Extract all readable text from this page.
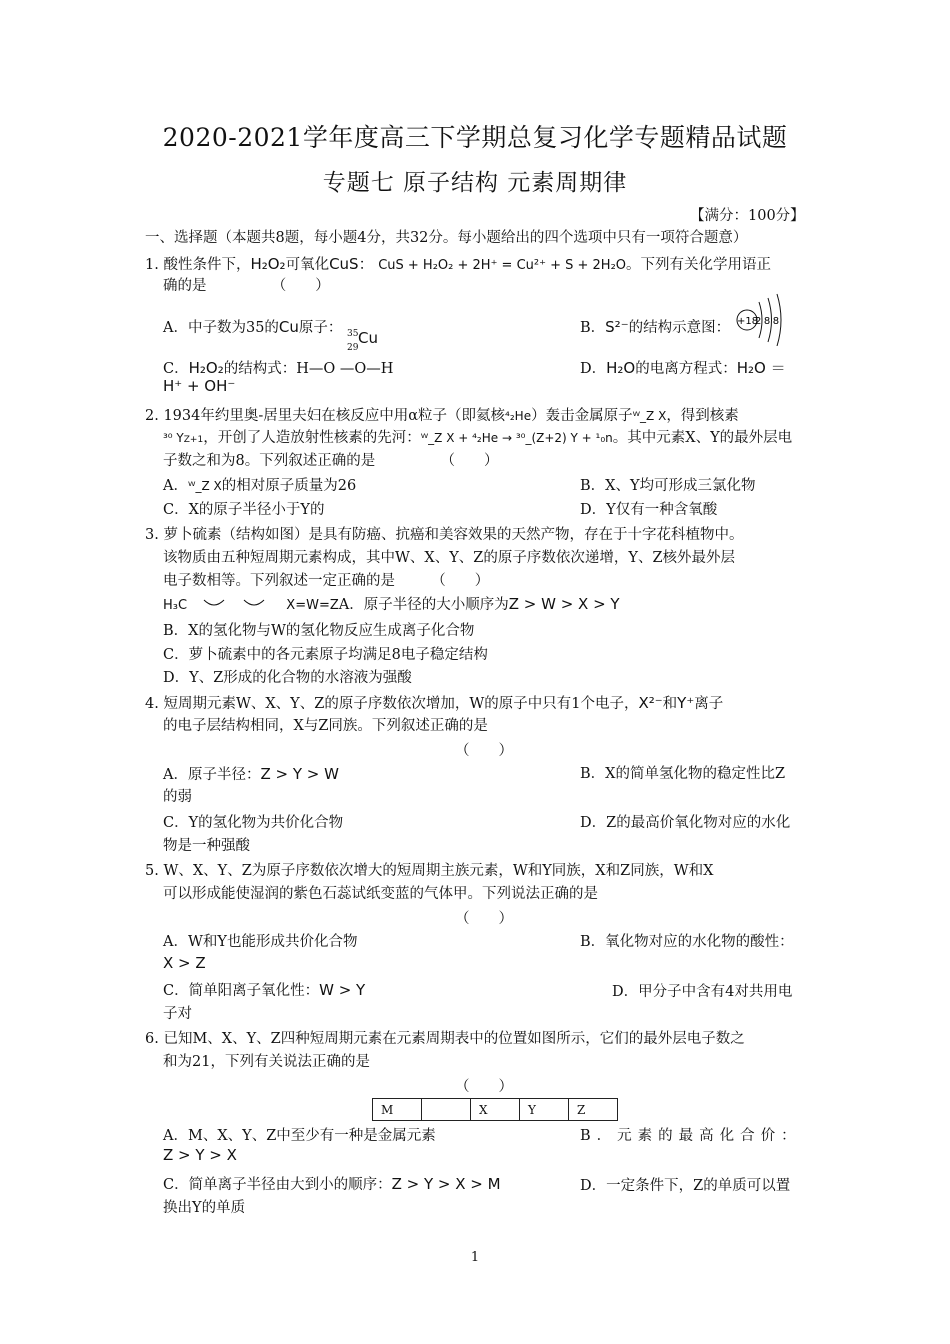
2020-2021学年度高三下学期总复习化学专题精品试题
专题七 原子结构 元素周期律
【满分：100分】
一、选择题（本题共8题，每小题4分，共32分。每小题给出的四个选项中只有一项符合题意）
1. 酸性条件下，H₂O₂可氧化CuS： CuS + H₂O₂ + 2H⁺ = Cu²⁺ + S + 2H₂O。下列有关化学用语正
确的是　　　　　（　　）
A．中子数为35的Cu原子： 35
29
Cu
B．S²⁻的结构示意图： +18
288
C．H₂O₂的结构式：H—O —O—H	D．H₂O的电离方程式：H₂O ＝
H⁺ + OH⁻
2. 1934年约里奥-居里夫妇在核反应中用α粒子（即氦核⁴₂He）轰击金属原子ᵂ_Z X，得到核素
³⁰ YZ+1，开创了人造放射性核素的先河：ᵂ_Z X + ⁴₂He → ³⁰_(Z+2) Y + ¹₀n。其中元素X、Y的最外层电
子数之和为8。下列叙述正确的是　　　　　（　　）
A．ᵂ_Z X的相对原子质量为26	B．X、Y均可形成三氯化物
C．X的原子半径小于Y的	D．Y仅有一种含氧酸
3. 萝卜硫素（结构如图）是具有防癌、抗癌和美容效果的天然产物，存在于十字花科植物中。
该物质由五种短周期元素构成，其中W、X、Y、Z的原子序数依次递增，Y、Z核外最外层
电子数相等。下列叙述一定正确的是　　　（　　）
H₃C	X=W=ZA．原子半径的大小顺序为Z > W > X > Y
B．X的氢化物与W的氢化物反应生成离子化合物
C．萝卜硫素中的各元素原子均满足8电子稳定结构
D．Y、Z形成的化合物的水溶液为强酸
4. 短周期元素W、X、Y、Z的原子序数依次增加，W的原子中只有1个电子，X²⁻和Y⁺离子
的电子层结构相同，X与Z同族。下列叙述正确的是
（　　）
A．原子半径：Z > Y > W	B．X的简单氢化物的稳定性比Z
的弱
C．Y的氢化物为共价化合物	D．Z的最高价氧化物对应的水化
物是一种强酸
5. W、X、Y、Z为原子序数依次增大的短周期主族元素，W和Y同族，X和Z同族，W和X
可以形成能使湿润的紫色石蕊试纸变蓝的气体甲。下列说法正确的是
（　　）
A．W和Y也能形成共价化合物	B．氧化物对应的水化物的酸性：
X > Z
C．简单阳离子氧化性：W > Y	D．甲分子中含有4对共用电
子对
6. 已知M、X、Y、Z四种短周期元素在元素周期表中的位置如图所示，它们的最外层电子数之
和为21，下列有关说法正确的是
（　　）
M		X	Y	Z
A．M、X、Y、Z中至少有一种是金属元素	B．元素的最高化合价：
Z > Y > X
C．简单离子半径由大到小的顺序：Z > Y > X > M	D．一定条件下，Z的单质可以置
换出Y的单质
1
